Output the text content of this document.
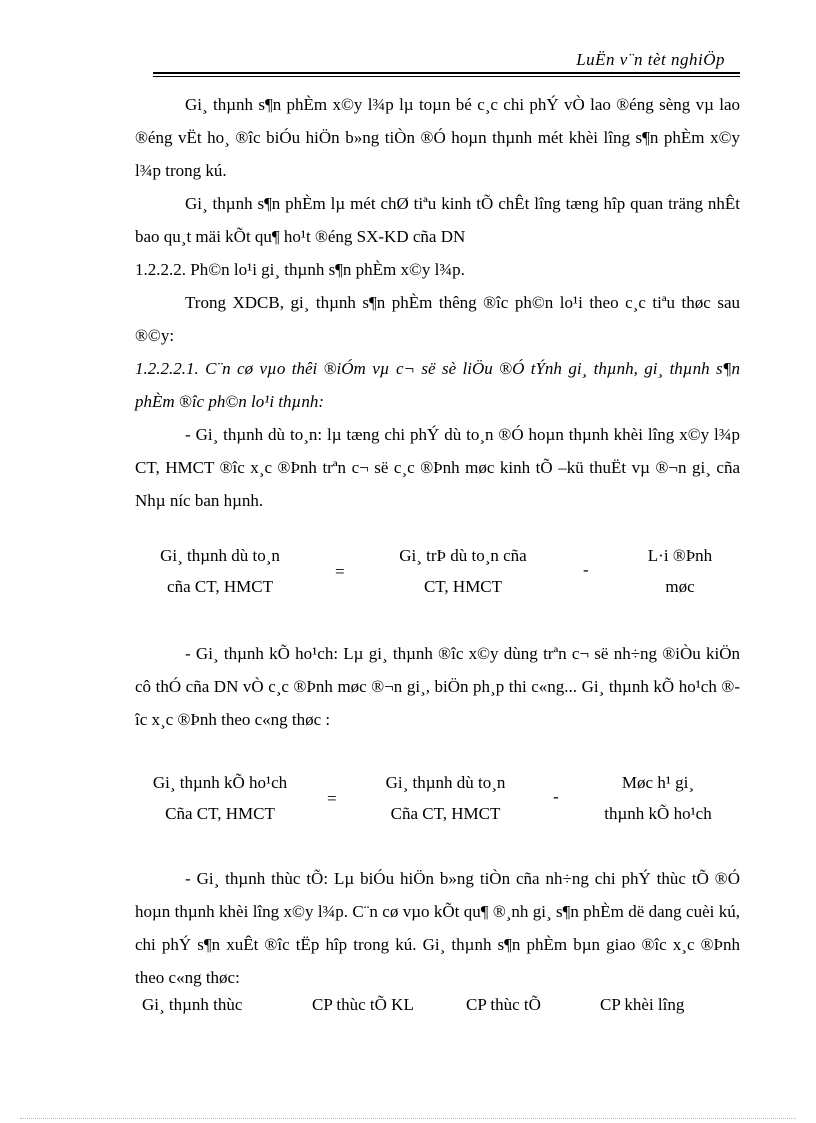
LuËn v¨n tèt nghiÖp

Gi¸ thµnh s¶n phÈm x©y l¾p lµ toµn bé c¸c chi phÝ vÒ lao ®éng sèng vµ lao ®éng vËt ho¸ ®îc biÓu hiÖn b»ng tiÒn ®Ó hoµn thµnh mét khèi lîng s¶n phÈm x©y l¾p trong kú.

Gi¸ thµnh s¶n phÈm lµ mét chØ tiªu kinh tÕ chÊt lîng tæng hîp quan träng nhÊt bao qu¸t mäi kÕt qu¶ ho¹t ®éng SX-KD cña DN

1.2.2.2. Ph©n lo¹i gi¸ thµnh s¶n phÈm x©y l¾p.

Trong XDCB, gi¸ thµnh s¶n phÈm thêng ®îc ph©n lo¹i theo c¸c tiªu thøc sau ®©y:

1.2.2.2.1. C¨n cø vµo thêi ®iÓm vµ c¬ së sè liÖu ®Ó tÝnh gi¸ thµnh, gi¸ thµnh s¶n phÈm ®îc ph©n lo¹i thµnh:

- Gi¸ thµnh dù to¸n: lµ tæng chi phÝ dù to¸n ®Ó hoµn thµnh khèi lîng x©y l¾p CT, HMCT ®îc x¸c ®Þnh trªn c¬ së c¸c ®Þnh møc kinh tÕ –kü thuËt vµ ®¬n gi¸ cña Nhµ níc ban hµnh.

Gi¸ thµnh dù to¸n
cña CT, HMCT
=
Gi¸ trÞ dù to¸n cña
CT, HMCT
-
L·i ®Þnh
møc

- Gi¸ thµnh kÕ ho¹ch: Lµ gi¸ thµnh ®îc x©y dùng trªn c¬ së nh÷ng ®iÒu kiÖn cô thÓ cña DN vÒ c¸c ®Þnh møc ®¬n gi¸, biÖn ph¸p thi c«ng... Gi¸ thµnh kÕ ho¹ch ®îc x¸c ®Þnh theo c«ng thøc :

Gi¸ thµnh kÕ ho¹ch
Cña CT, HMCT
=
Gi¸ thµnh dù to¸n
Cña CT, HMCT
-
Møc h¹ gi¸
thµnh kÕ ho¹ch

- Gi¸ thµnh thùc tÕ: Lµ biÓu hiÖn b»ng tiÒn cña nh÷ng chi phÝ thùc tÕ ®Ó hoµn thµnh khèi lîng x©y l¾p. C¨n cø vµo kÕt qu¶ ®¸nh gi¸ s¶n phÈm dë dang cuèi kú, chi phÝ s¶n xuÊt ®îc tËp hîp trong kú. Gi¸ thµnh s¶n phÈm bµn giao ®îc x¸c ®Þnh theo c«ng thøc:

Gi¸ thµnh thùc	CP thùc tÕ KL	CP thùc tÕ	CP khèi lîng
